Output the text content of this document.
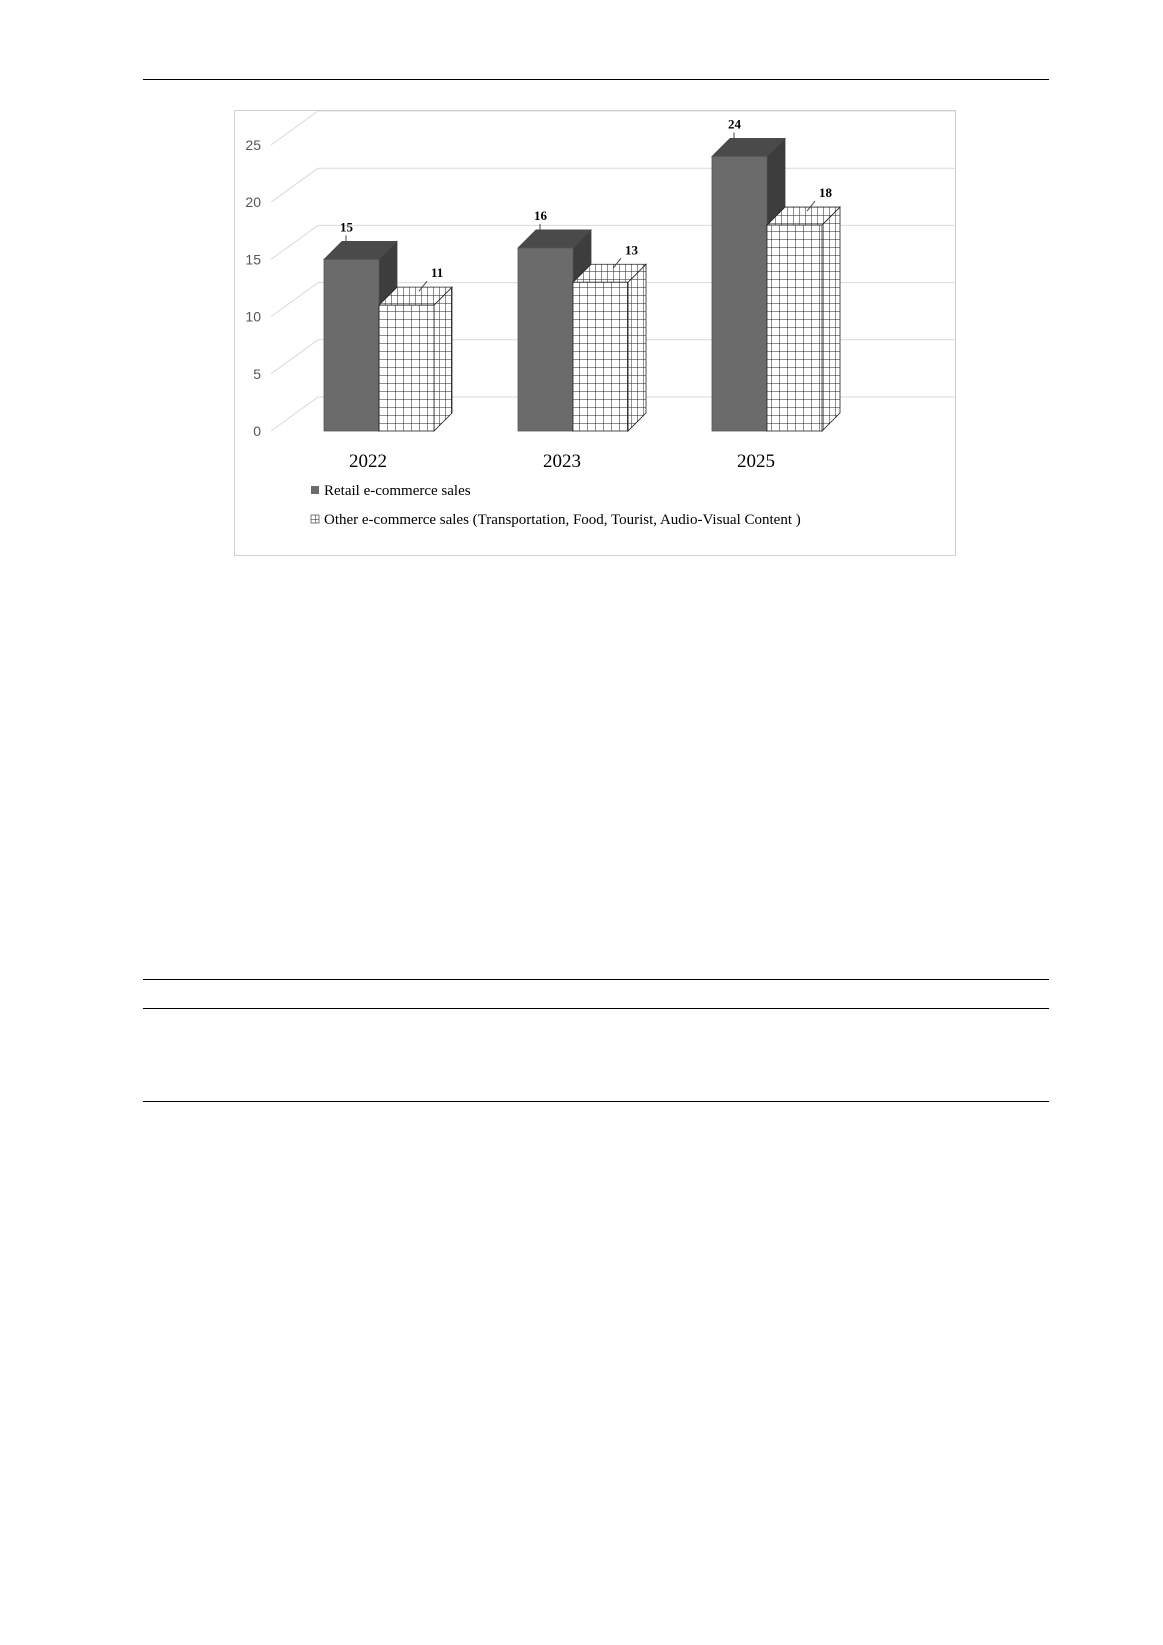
0
5
10
15
20
25
15
11
16
13
24
18
2022	2023	2025
Retail e-commerce sales
Other e-commerce sales (Transportation, Food, Tourist, Audio-Visual Content )
